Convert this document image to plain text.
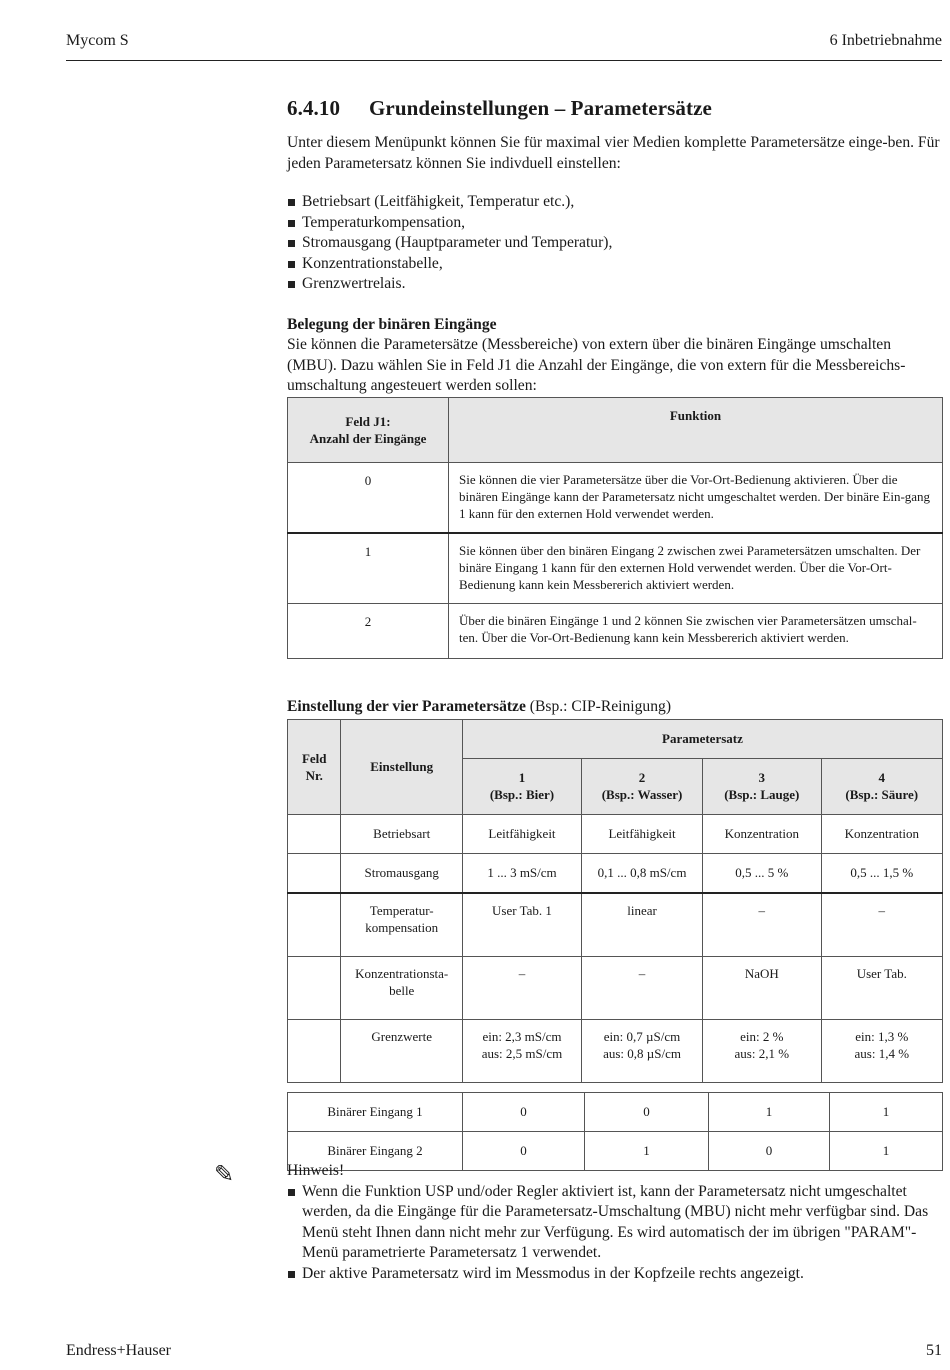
Mycom S	6 Inbetriebnahme
6.4.10 Grundeinstellungen – Parametersätze

Unter diesem Menüpunkt können Sie für maximal vier Medien komplette Parametersätze einge-ben. Für jeden Parametersatz können Sie indivduell einstellen:

Betriebsart (Leitfähigkeit, Temperatur etc.),
Temperaturkompensation,
Stromausgang (Hauptparameter und Temperatur),
Konzentrationstabelle,
Grenzwertrelais.
Belegung der binären Eingänge

Sie können die Parametersätze (Messbereiche) von extern über die binären Eingänge umschalten (MBU). Dazu wählen Sie in Feld J1 die Anzahl der Eingänge, die von extern für die Messbereichs-umschaltung angesteuert werden sollen:

Feld J1:
Anzahl der Eingänge	Funktion
0	Sie können die vier Parametersätze über die Vor-Ort-Bedienung aktivieren. Über die binären Eingänge kann der Parametersatz nicht umgeschaltet werden. Der binäre Ein-gang 1 kann für den externen Hold verwendet werden.
1	Sie können über den binären Eingang 2 zwischen zwei Parametersätzen umschalten. Der binäre Eingang 1 kann für den externen Hold verwendet werden. Über die Vor-Ort-Bedienung kann kein Messbererich aktiviert werden.
2	Über die binären Eingänge 1 und 2 können Sie zwischen vier Parametersätzen umschal-ten. Über die Vor-Ort-Bedienung kann kein Messbererich aktiviert werden.
Einstellung der vier Parametersätze (Bsp.: CIP-Reinigung)
Feld
Nr.	Einstellung	Parametersatz			
		1
(Bsp.: Bier)	2
(Bsp.: Wasser)	3
(Bsp.: Lauge)	4
(Bsp.: Säure)
	Betriebsart	Leitfähigkeit	Leitfähigkeit	Konzentration	Konzentration
	Stromausgang	1 ... 3 mS/cm	0,1 ... 0,8 mS/cm	0,5 ... 5 %	0,5 ... 1,5 %
	Temperatur-
kompensation	User Tab. 1	linear	–	–
	Konzentrationsta-
belle	–	–	NaOH	User Tab.
	Grenzwerte	ein: 2,3 mS/cm
aus: 2,5 mS/cm	ein: 0,7 µS/cm
aus: 0,8 µS/cm	ein: 2 %
aus: 2,1 %	ein: 1,3 %
aus: 1,4 %
Binärer Eingang 1	0	0	1	1
Binärer Eingang 2	0	1	0	1
✎	Hinweis!

Wenn die Funktion USP und/oder Regler aktiviert ist, kann der Parametersatz nicht umgeschaltet werden, da die Eingänge für die Parametersatz-Umschaltung (MBU) nicht mehr verfügbar sind. Das Menü steht Ihnen dann nicht mehr zur Verfügung. Es wird automatisch der im übrigen "PARAM"-Menü parametrierte Parametersatz 1 verwendet.
Der aktive Parametersatz wird im Messmodus in der Kopfzeile rechts angezeigt.
Endress+Hauser	51
